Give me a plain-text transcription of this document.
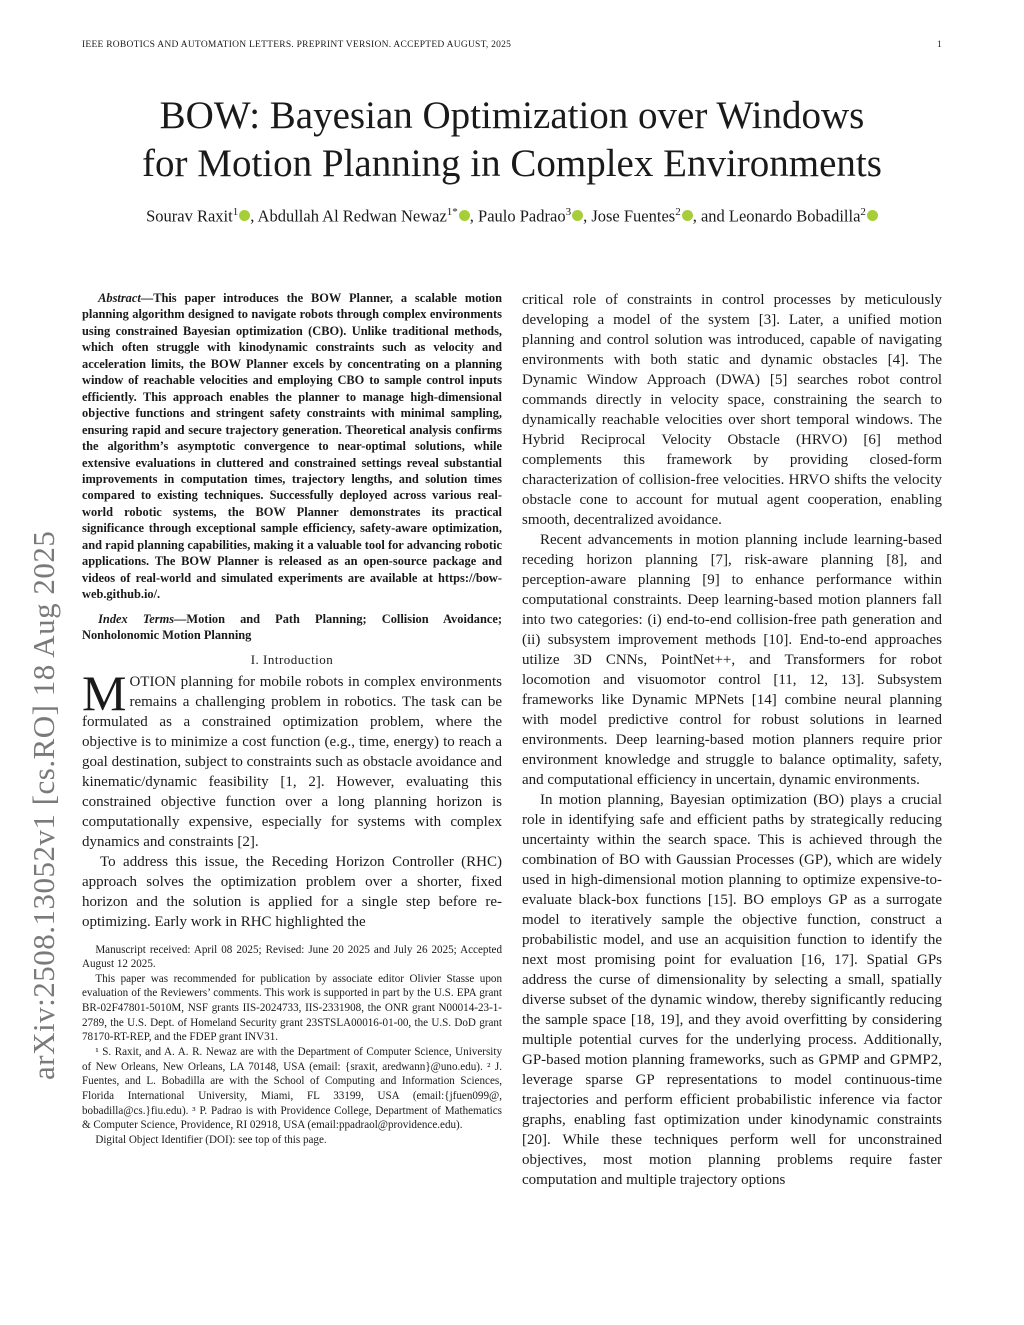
IEEE ROBOTICS AND AUTOMATION LETTERS. PREPRINT VERSION. ACCEPTED AUGUST, 2025	1
BOW: Bayesian Optimization over Windows
for Motion Planning in Complex Environments
Sourav Raxit$^1$ , Abdullah Al Redwan Newaz$^{1*}$ , Paulo Padrao$^3$ , Jose Fuentes$^2$ , and Leonardo Bobadilla$^2$
arXiv:2508.13052v1 [cs.RO] 18 Aug 2025

Abstract—This paper introduces the BOW Planner, a scalable motion planning algorithm designed to navigate robots through complex environments using constrained Bayesian optimization (CBO). Unlike traditional methods, which often struggle with kinodynamic constraints such as velocity and acceleration limits, the BOW Planner excels by concentrating on a planning window of reachable velocities and employing CBO to sample control inputs efficiently. This approach enables the planner to manage high-dimensional objective functions and stringent safety constraints with minimal sampling, ensuring rapid and secure trajectory generation. Theoretical analysis confirms the algorithm’s asymptotic convergence to near-optimal solutions, while extensive evaluations in cluttered and constrained settings reveal substantial improvements in computation times, trajectory lengths, and solution times compared to existing techniques. Successfully deployed across various real-world robotic systems, the BOW Planner demonstrates its practical significance through exceptional sample efficiency, safety-aware optimization, and rapid planning capabilities, making it a valuable tool for advancing robotic applications. The BOW Planner is released as an open-source package and videos of real-world and simulated experiments are available at https://bow-web.github.io/.

Index Terms—Motion and Path Planning; Collision Avoidance; Nonholonomic Motion Planning

I. Introduction

MOTION planning for mobile robots in complex environments remains a challenging problem in robotics. The task can be formulated as a constrained optimization problem, where the objective is to minimize a cost function (e.g., time, energy) to reach a goal destination, subject to constraints such as obstacle avoidance and kinematic/dynamic feasibility [1, 2]. However, evaluating this constrained objective function over a long planning horizon is computationally expensive, especially for systems with complex dynamics and constraints [2].

To address this issue, the Receding Horizon Controller (RHC) approach solves the optimization problem over a shorter, fixed horizon and the solution is applied for a single step before re-optimizing. Early work in RHC highlighted the

Manuscript received: April 08 2025; Revised: June 20 2025 and July 26 2025; Accepted August 12 2025.

This paper was recommended for publication by associate editor Olivier Stasse upon evaluation of the Reviewers’ comments. This work is supported in part by the U.S. EPA grant BR-02F47801-5010M, NSF grants IIS-2024733, IIS-2331908, the ONR grant N00014-23-1-2789, the U.S. Dept. of Homeland Security grant 23STSLA00016-01-00, the U.S. DoD grant 78170-RT-REP, and the FDEP grant INV31.

¹ S. Raxit, and A. A. R. Newaz are with the Department of Computer Science, University of New Orleans, New Orleans, LA 70148, USA (email: {sraxit, aredwann}@uno.edu). ² J. Fuentes, and L. Bobadilla are with the School of Computing and Information Sciences, Florida International University, Miami, FL 33199, USA (email:{jfuen099@, bobadilla@cs.}fiu.edu). ³ P. Padrao is with Providence College, Department of Mathematics & Computer Science, Providence, RI 02918, USA (email:ppadraol@providence.edu).

Digital Object Identifier (DOI): see top of this page.

critical role of constraints in control processes by meticulously developing a model of the system [3]. Later, a unified motion planning and control solution was introduced, capable of navigating environments with both static and dynamic obstacles [4]. The Dynamic Window Approach (DWA) [5] searches robot control commands directly in velocity space, constraining the search to dynamically reachable velocities over short temporal windows. The Hybrid Reciprocal Velocity Obstacle (HRVO) [6] method complements this framework by providing closed-form characterization of collision-free velocities. HRVO shifts the velocity obstacle cone to account for mutual agent cooperation, enabling smooth, decentralized avoidance.

Recent advancements in motion planning include learning-based receding horizon planning [7], risk-aware planning [8], and perception-aware planning [9] to enhance performance within computational constraints. Deep learning-based motion planners fall into two categories: (i) end-to-end collision-free path generation and (ii) subsystem improvement methods [10]. End-to-end approaches utilize 3D CNNs, PointNet++, and Transformers for robot locomotion and visuomotor control [11, 12, 13]. Subsystem frameworks like Dynamic MPNets [14] combine neural planning with model predictive control for robust solutions in learned environments. Deep learning-based motion planners require prior environment knowledge and struggle to balance optimality, safety, and computational efficiency in uncertain, dynamic environments.

In motion planning, Bayesian optimization (BO) plays a crucial role in identifying safe and efficient paths by strategically reducing uncertainty within the search space. This is achieved through the combination of BO with Gaussian Processes (GP), which are widely used in high-dimensional motion planning to optimize expensive-to-evaluate black-box functions [15]. BO employs GP as a surrogate model to iteratively sample the objective function, construct a probabilistic model, and use an acquisition function to identify the next most promising point for evaluation [16, 17]. Spatial GPs address the curse of dimensionality by selecting a small, spatially diverse subset of the dynamic window, thereby significantly reducing the sample space [18, 19], and they avoid overfitting by considering multiple potential curves for the underlying process. Additionally, GP-based motion planning frameworks, such as GPMP and GPMP2, leverage sparse GP representations to model continuous-time trajectories and perform efficient probabilistic inference via factor graphs, enabling fast optimization under kinodynamic constraints [20]. While these techniques perform well for unconstrained objectives, most motion planning problems require faster computation and multiple trajectory options
